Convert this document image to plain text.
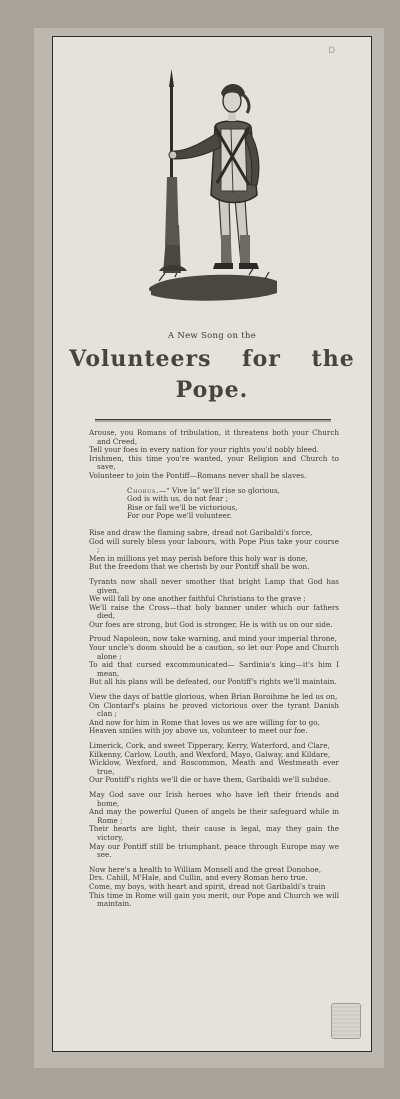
D
A New Song on the
Volunteers for the
Pope.
Arouse, you Romans of tribulation, it threatens both your Church and Creed,
Tell your foes in every nation for your rights you'd nobly bleed.
Irishmen, this time you're wanted, your Religion and Church to save,
Volunteer to join the Pontiff—Romans never shall be slaves.
Chorus.—“ Vive la” we'll rise so glorious,
God is with us, do not fear ;
Rise or fall we'll be victorious,
For our Pope we'll volunteer.
Rise and draw the flaming sabre, dread not Garibaldi's force,
God will surely bless your labours, with Pope Pius take your course ;
Men in millions yet may perish before this holy war is done,
But the freedom that we cherish by our Pontiff shall be won.
Tyrants now shall never smother that bright Lamp that God has given,
We will fall by one another faithful Christians to the grave ;
We'll raise the Cross—that holy banner under which our fathers died,
Our foes are strong, but God is stronger, He is with us on our side.
Proud Napoleon, now take warning, and mind your imperial throne,
Your uncle's doom should be a caution, so let our Pope and Church alone ;
To aid that cursed excommunicated— Sardinia's king—it's him I mean,
But all his plans will be defeated, our Pontiff's rights we'll maintain.
View the days of battle glorious, when Brian Boroihme he led us on,
On Clontarf's plains he proved victorious over the tyrant Danish clan ;
And now for him in Rome that loves us we are willing for to go,
Heaven smiles with joy above us, volunteer to meet our foe.
Limerick, Cork, and sweet Tipperary, Kerry, Waterford, and Clare,
Kilkenny, Carlow, Louth, and Wexford, Mayo, Galway, and Kildare,
Wicklow, Wexford, and Roscommon, Meath and Westmeath ever true,
Our Pontiff's rights we'll die or have them, Garibaldi we'll subdue.
May God save our Irish heroes who have left their friends and home,
And may the powerful Queen of angels be their safeguard while in Rome ;
Their hearts are light, their cause is legal, may they gain the victory,
May our Pontiff still be triumphant, peace through Europe may we see.
Now here's a health to William Monsell and the great Donohoe,
Drs. Cahill, M'Hale, and Cullin, and every Roman hero true.
Come, my boys, with heart and spirit, dread not Garibaldi's train
This time in Rome will gain you merit, our Pope and Church we will maintain.
